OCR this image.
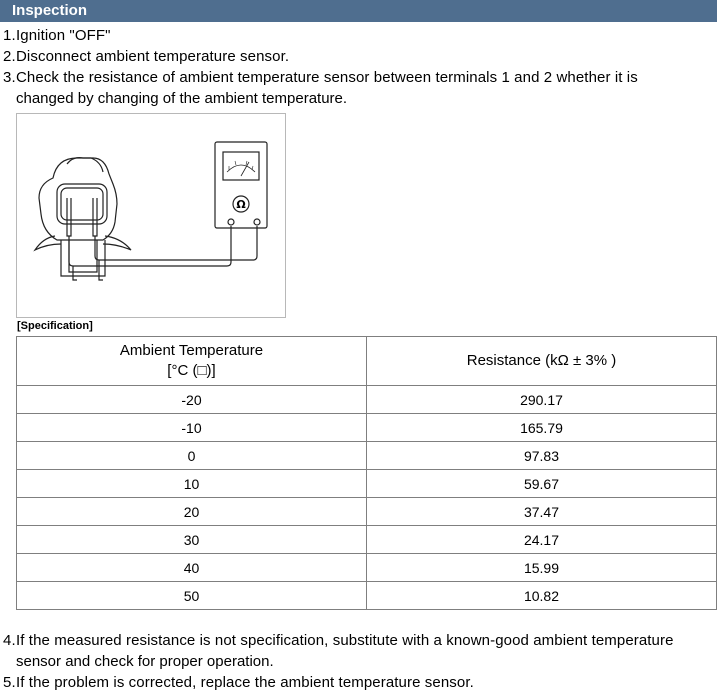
Inspection
1.Ignition "OFF"
2.Disconnect ambient temperature sensor.
3.Check the resistance of ambient temperature sensor between terminals 1 and 2 whether it is
changed by changing of the ambient temperature.
Ω
[Specification]
Ambient Temperature
[°C (□)]	Resistance (kΩ ± 3% )
-20	290.17
-10	165.79
0	97.83
10	59.67
20	37.47
30	24.17
40	15.99
50	10.82
4.If the measured resistance is not specification, substitute with a known-good ambient temperature
sensor and check for proper operation.
5.If the problem is corrected, replace the ambient temperature sensor.
